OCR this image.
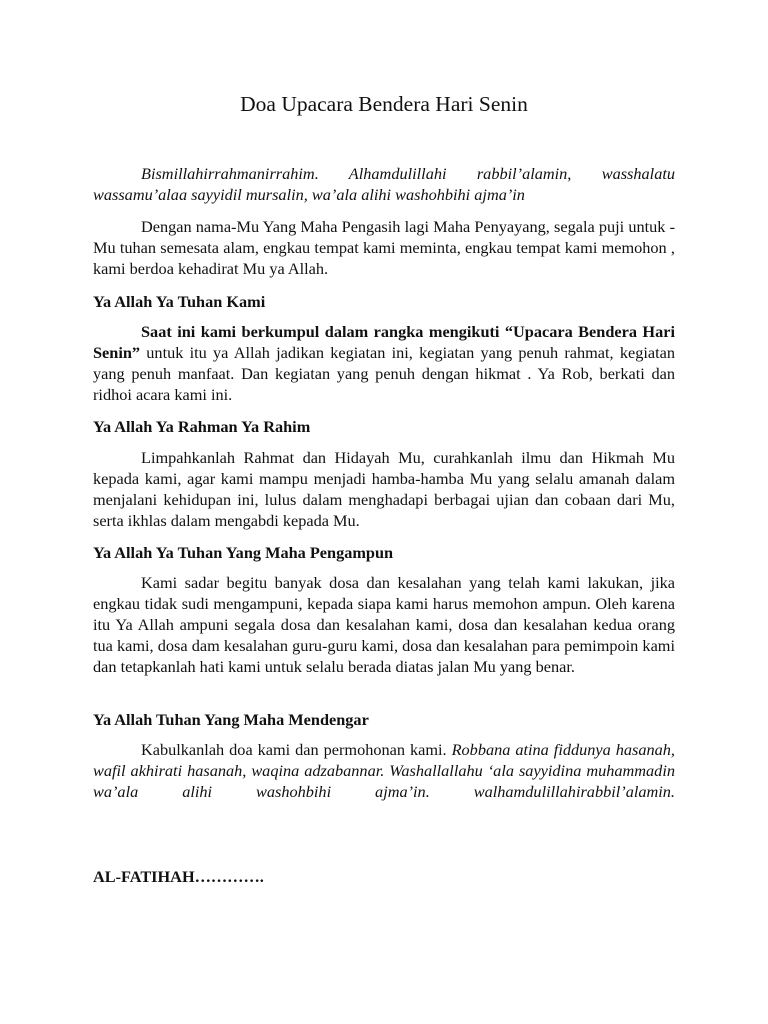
Doa Upacara Bendera Hari Senin

Bismillahirrahmanirrahim. Alhamdulillahi rabbil’alamin, wasshalatu wassamu’alaa sayyidil mursalin, wa’ala alihi washohbihi ajma’in

Dengan nama-Mu Yang Maha Pengasih lagi Maha Penyayang, segala puji untuk -Mu tuhan semesata alam, engkau tempat kami meminta, engkau tempat kami memohon , kami berdoa kehadirat Mu ya Allah.

Ya Allah Ya Tuhan Kami

Saat ini kami berkumpul dalam rangka mengikuti “Upacara Bendera Hari Senin” untuk itu ya Allah jadikan kegiatan ini, kegiatan yang penuh rahmat, kegiatan yang penuh manfaat. Dan kegiatan yang penuh dengan hikmat . Ya Rob, berkati dan ridhoi acara kami ini.

Ya Allah Ya Rahman Ya Rahim

Limpahkanlah Rahmat dan Hidayah Mu, curahkanlah ilmu dan Hikmah Mu kepada kami, agar kami mampu menjadi hamba-hamba Mu yang selalu amanah dalam menjalani kehidupan ini, lulus dalam menghadapi berbagai ujian dan cobaan dari Mu, serta ikhlas dalam mengabdi kepada Mu.

Ya Allah Ya Tuhan Yang Maha Pengampun

Kami sadar begitu banyak dosa dan kesalahan yang telah kami lakukan, jika engkau tidak sudi mengampuni, kepada siapa kami harus memohon ampun. Oleh karena itu Ya Allah ampuni segala dosa dan kesalahan kami, dosa dan kesalahan kedua orang tua kami, dosa dam kesalahan guru-guru kami, dosa dan kesalahan para pemimpoin kami dan tetapkanlah hati kami untuk selalu berada diatas jalan Mu yang benar.

Ya Allah Tuhan Yang Maha Mendengar

Kabulkanlah doa kami dan permohonan kami. Robbana atina fiddunya hasanah, wafil akhirati hasanah, waqina adzabannar. Washallallahu ‘ala sayyidina muhammadin wa’ala alihi washohbihi ajma’in. walhamdulillahirabbil’alamin.

AL-FATIHAH………….
